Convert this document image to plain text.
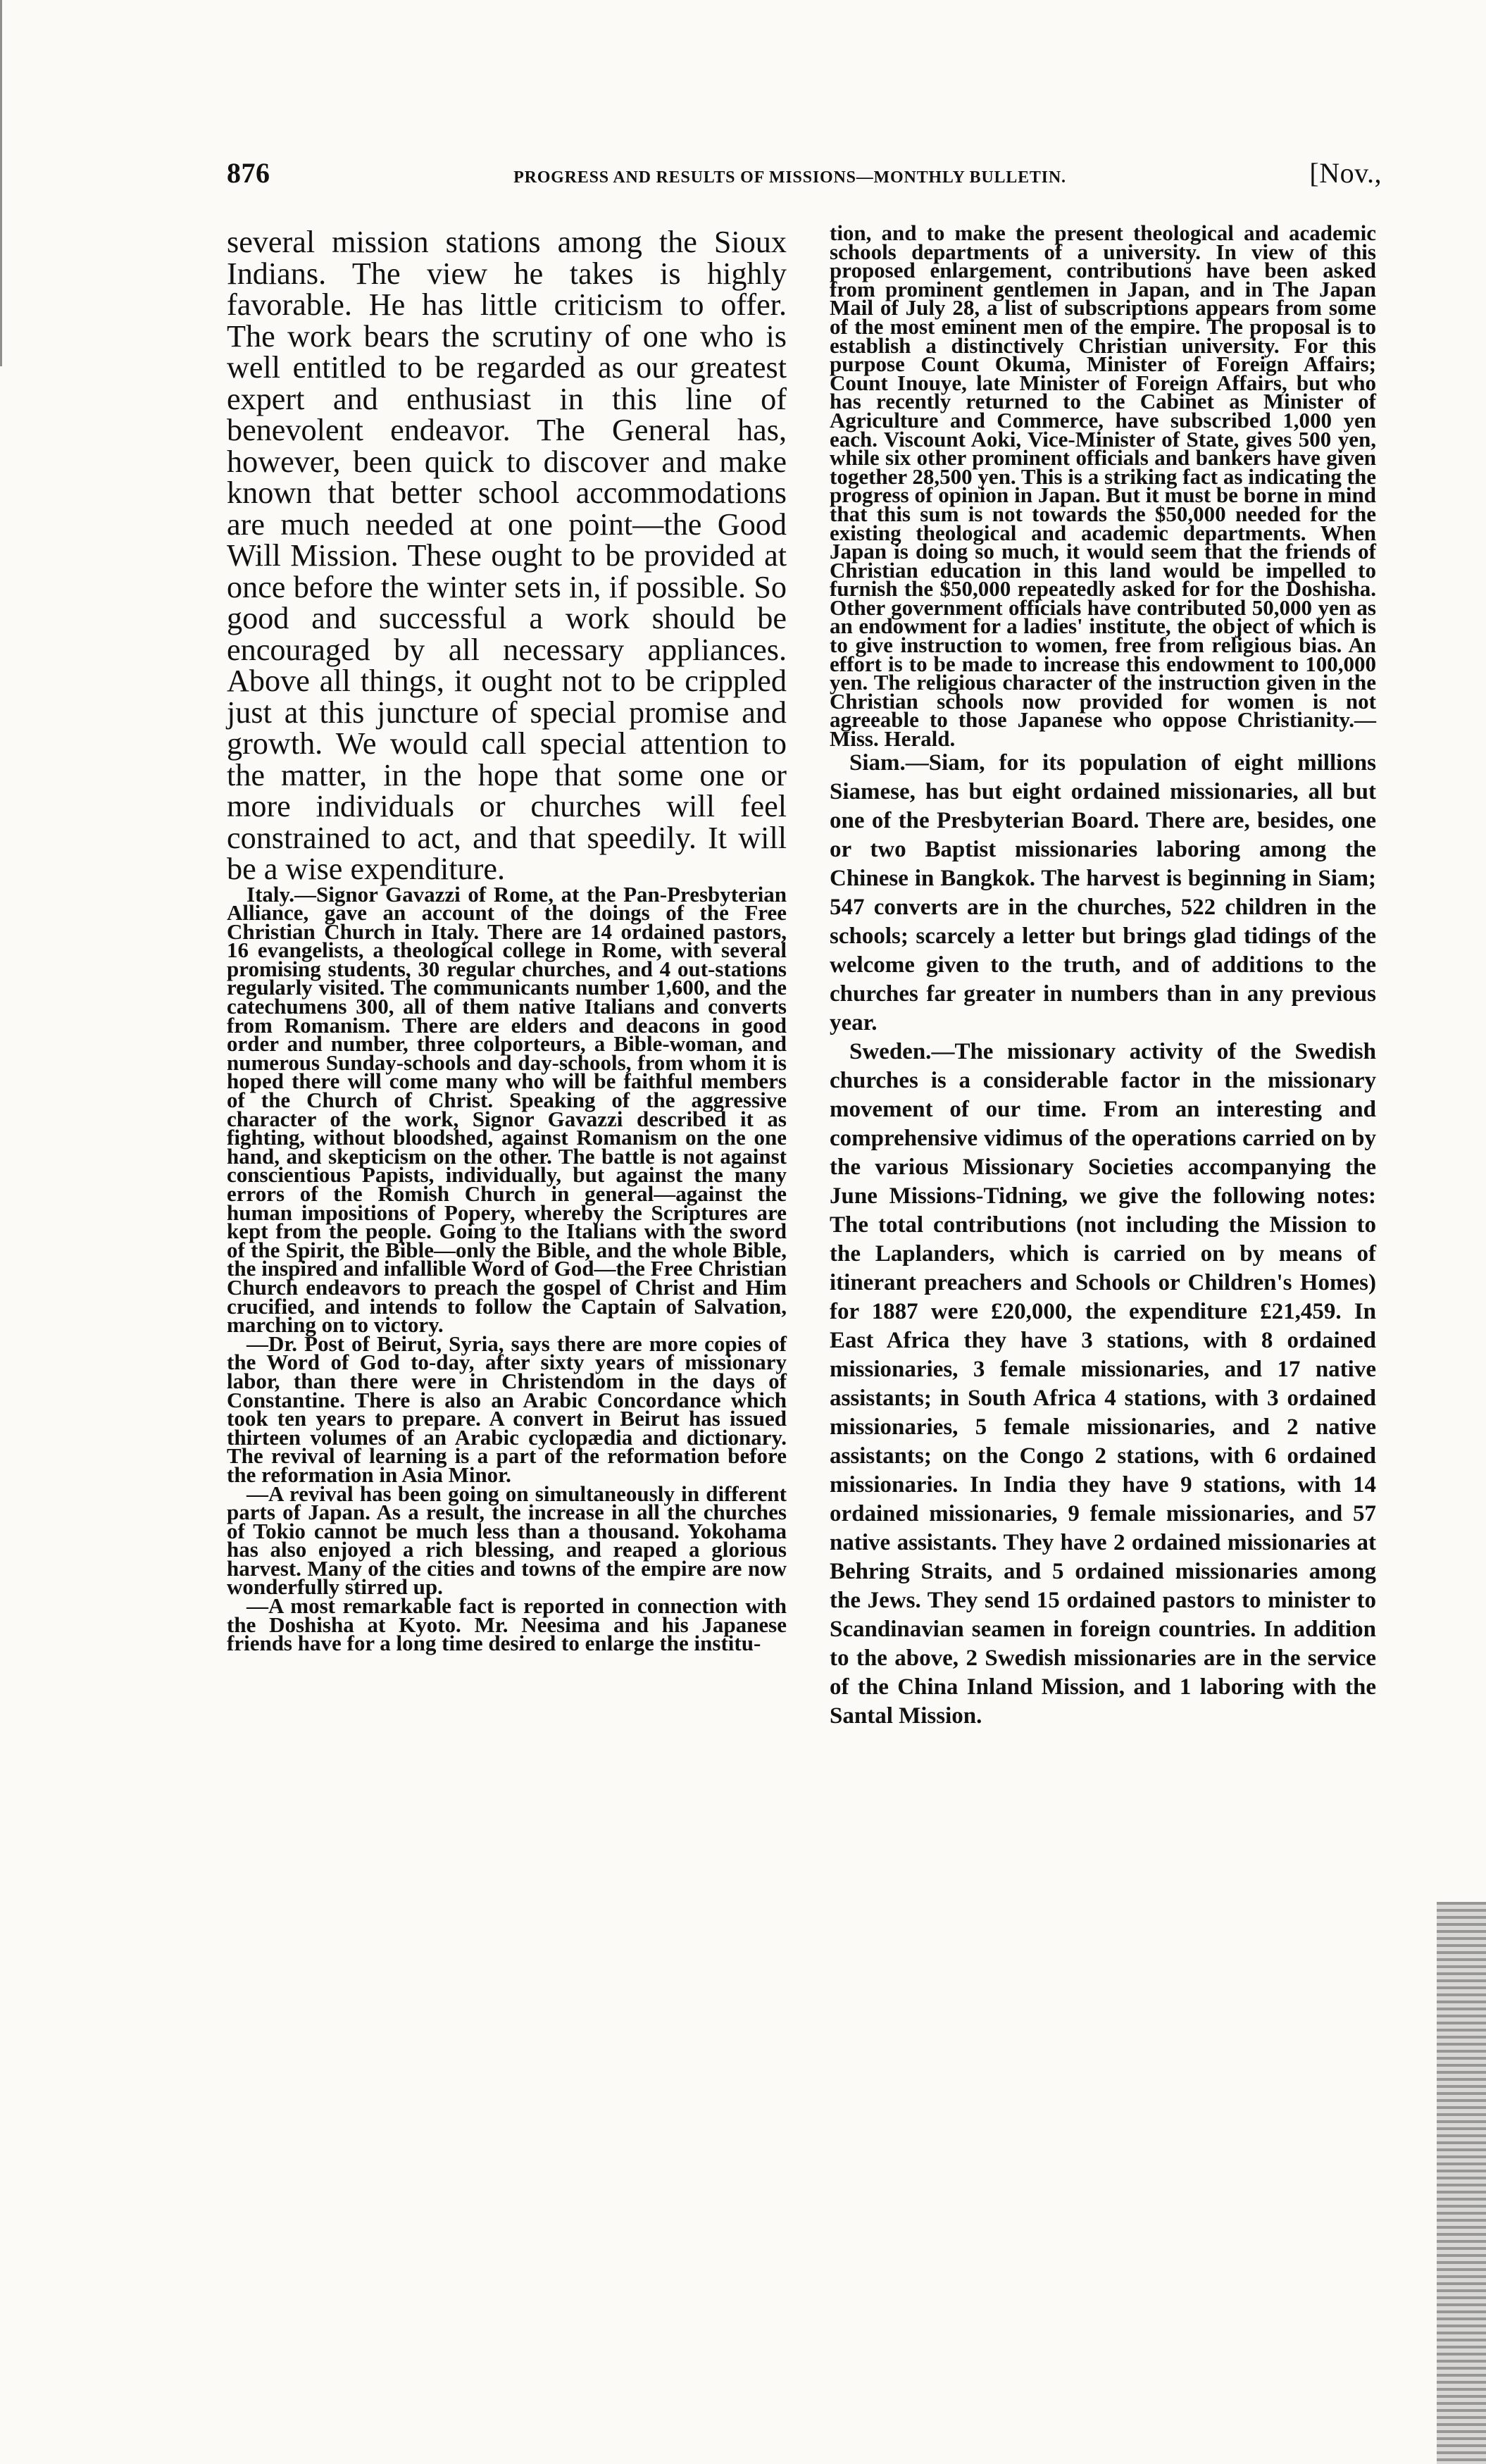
876	PROGRESS AND RESULTS OF MISSIONS—MONTHLY BULLETIN.	[Nov.,

several mission stations among the Sioux Indians. The view he takes is highly favorable. He has little criticism to offer. The work bears the scrutiny of one who is well entitled to be regarded as our greatest expert and enthusiast in this line of benevolent endeavor. The General has, however, been quick to discover and make known that better school accommodations are much needed at one point—the Good Will Mission. These ought to be provided at once before the winter sets in, if possible. So good and successful a work should be encouraged by all necessary appliances. Above all things, it ought not to be crippled just at this juncture of special promise and growth. We would call special attention to the matter, in the hope that some one or more individuals or churches will feel constrained to act, and that speedily. It will be a wise expenditure.

Italy.—Signor Gavazzi of Rome, at the Pan-Presbyterian Alliance, gave an account of the doings of the Free Christian Church in Italy. There are 14 ordained pastors, 16 evangelists, a theological college in Rome, with several promising students, 30 regular churches, and 4 out-stations regularly visited. The communicants number 1,600, and the catechumens 300, all of them native Italians and converts from Romanism. There are elders and deacons in good order and number, three colporteurs, a Bible-woman, and numerous Sunday-schools and day-schools, from whom it is hoped there will come many who will be faithful members of the Church of Christ. Speaking of the aggressive character of the work, Signor Gavazzi described it as fighting, without bloodshed, against Romanism on the one hand, and skepticism on the other. The battle is not against conscientious Papists, individually, but against the many errors of the Romish Church in general—against the human impositions of Popery, whereby the Scriptures are kept from the people. Going to the Italians with the sword of the Spirit, the Bible—only the Bible, and the whole Bible, the inspired and infallible Word of God—the Free Christian Church endeavors to preach the gospel of Christ and Him crucified, and intends to follow the Captain of Salvation, marching on to victory.

—Dr. Post of Beirut, Syria, says there are more copies of the Word of God to-day, after sixty years of missionary labor, than there were in Christendom in the days of Constantine. There is also an Arabic Concordance which took ten years to prepare. A convert in Beirut has issued thirteen volumes of an Arabic cyclopædia and dictionary. The revival of learning is a part of the reformation before the reformation in Asia Minor.

—A revival has been going on simultaneously in different parts of Japan. As a result, the increase in all the churches of Tokio cannot be much less than a thousand. Yokohama has also enjoyed a rich blessing, and reaped a glorious harvest. Many of the cities and towns of the empire are now wonderfully stirred up.

—A most remarkable fact is reported in connection with the Doshisha at Kyoto. Mr. Neesima and his Japanese friends have for a long time desired to enlarge the institu-

tion, and to make the present theological and academic schools departments of a university. In view of this proposed enlargement, contributions have been asked from prominent gentlemen in Japan, and in The Japan Mail of July 28, a list of subscriptions appears from some of the most eminent men of the empire. The proposal is to establish a distinctively Christian university. For this purpose Count Okuma, Minister of Foreign Affairs; Count Inouye, late Minister of Foreign Affairs, but who has recently returned to the Cabinet as Minister of Agriculture and Commerce, have subscribed 1,000 yen each. Viscount Aoki, Vice-Minister of State, gives 500 yen, while six other prominent officials and bankers have given together 28,500 yen. This is a striking fact as indicating the progress of opinion in Japan. But it must be borne in mind that this sum is not towards the $50,000 needed for the existing theological and academic departments. When Japan is doing so much, it would seem that the friends of Christian education in this land would be impelled to furnish the $50,000 repeatedly asked for for the Doshisha. Other government officials have contributed 50,000 yen as an endowment for a ladies' institute, the object of which is to give instruction to women, free from religious bias. An effort is to be made to increase this endowment to 100,000 yen. The religious character of the instruction given in the Christian schools now provided for women is not agreeable to those Japanese who oppose Christianity.—Miss. Herald.

Siam.—Siam, for its population of eight millions Siamese, has but eight ordained missionaries, all but one of the Presbyterian Board. There are, besides, one or two Baptist missionaries laboring among the Chinese in Bangkok. The harvest is beginning in Siam; 547 converts are in the churches, 522 children in the schools; scarcely a letter but brings glad tidings of the welcome given to the truth, and of additions to the churches far greater in numbers than in any previous year.

Sweden.—The missionary activity of the Swedish churches is a considerable factor in the missionary movement of our time. From an interesting and comprehensive vidimus of the operations carried on by the various Missionary Societies accompanying the June Missions-Tidning, we give the following notes: The total contributions (not including the Mission to the Laplanders, which is carried on by means of itinerant preachers and Schools or Children's Homes) for 1887 were £20,000, the expenditure £21,459. In East Africa they have 3 stations, with 8 ordained missionaries, 3 female missionaries, and 17 native assistants; in South Africa 4 stations, with 3 ordained missionaries, 5 female missionaries, and 2 native assistants; on the Congo 2 stations, with 6 ordained missionaries. In India they have 9 stations, with 14 ordained missionaries, 9 female missionaries, and 57 native assistants. They have 2 ordained missionaries at Behring Straits, and 5 ordained missionaries among the Jews. They send 15 ordained pastors to minister to Scandinavian seamen in foreign countries. In addition to the above, 2 Swedish missionaries are in the service of the China Inland Mission, and 1 laboring with the Santal Mission.
